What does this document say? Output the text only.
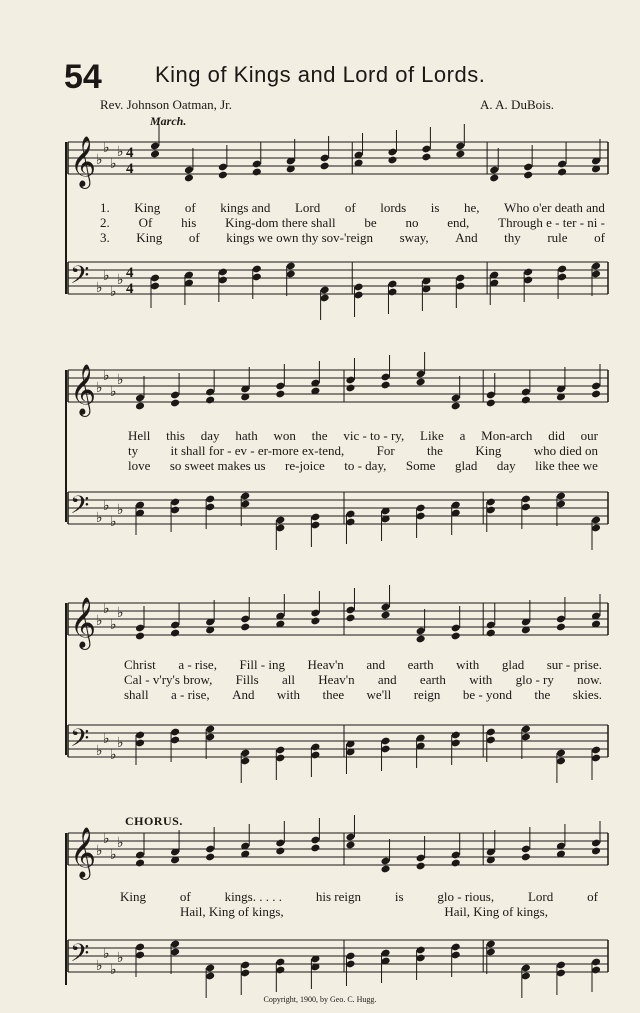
54 King of Kings and Lord of Lords.
Rev. Johnson Oatman, Jr.	A. A. DuBois.
March.
CHORUS.
𝄞 ♭
♭
♭
♭ 4
4
𝄢 ♭
♭
♭
♭ 4
4
𝄞 ♭
♭
♭
♭
𝄢 ♭
♭
♭
♭
𝄞 ♭
♭
♭
♭
𝄢 ♭
♭
♭
♭
𝄞 ♭
♭
♭
♭
𝄢 ♭
♭
♭
♭
1. King of kings and Lord of lords is he, Who o'er death and
2. Of his King-dom there shall be no end, Through e - ter - ni -
3. King of kings we own thy sov-'reign sway, And thy rule of
Hell this day hath won the vic - to - ry, Like a Mon-arch did our
ty it shall for - ev - er-more ex-tend, For the King who died on
love so sweet makes us re-joice to - day, Some glad day like thee we
Christ a - rise, Fill - ing Heav'n and earth with glad sur - prise.
Cal - v'ry's brow, Fills all Heav'n and earth with glo - ry now.
shall a - rise, And with thee we'll reign be - yond the skies.
King	of	kings. . . . .	his reign	is	glo - rious,	Lord	of
Hail, King of kings,	Hail, King of kings,
Copyright, 1900, by Geo. C. Hugg.
